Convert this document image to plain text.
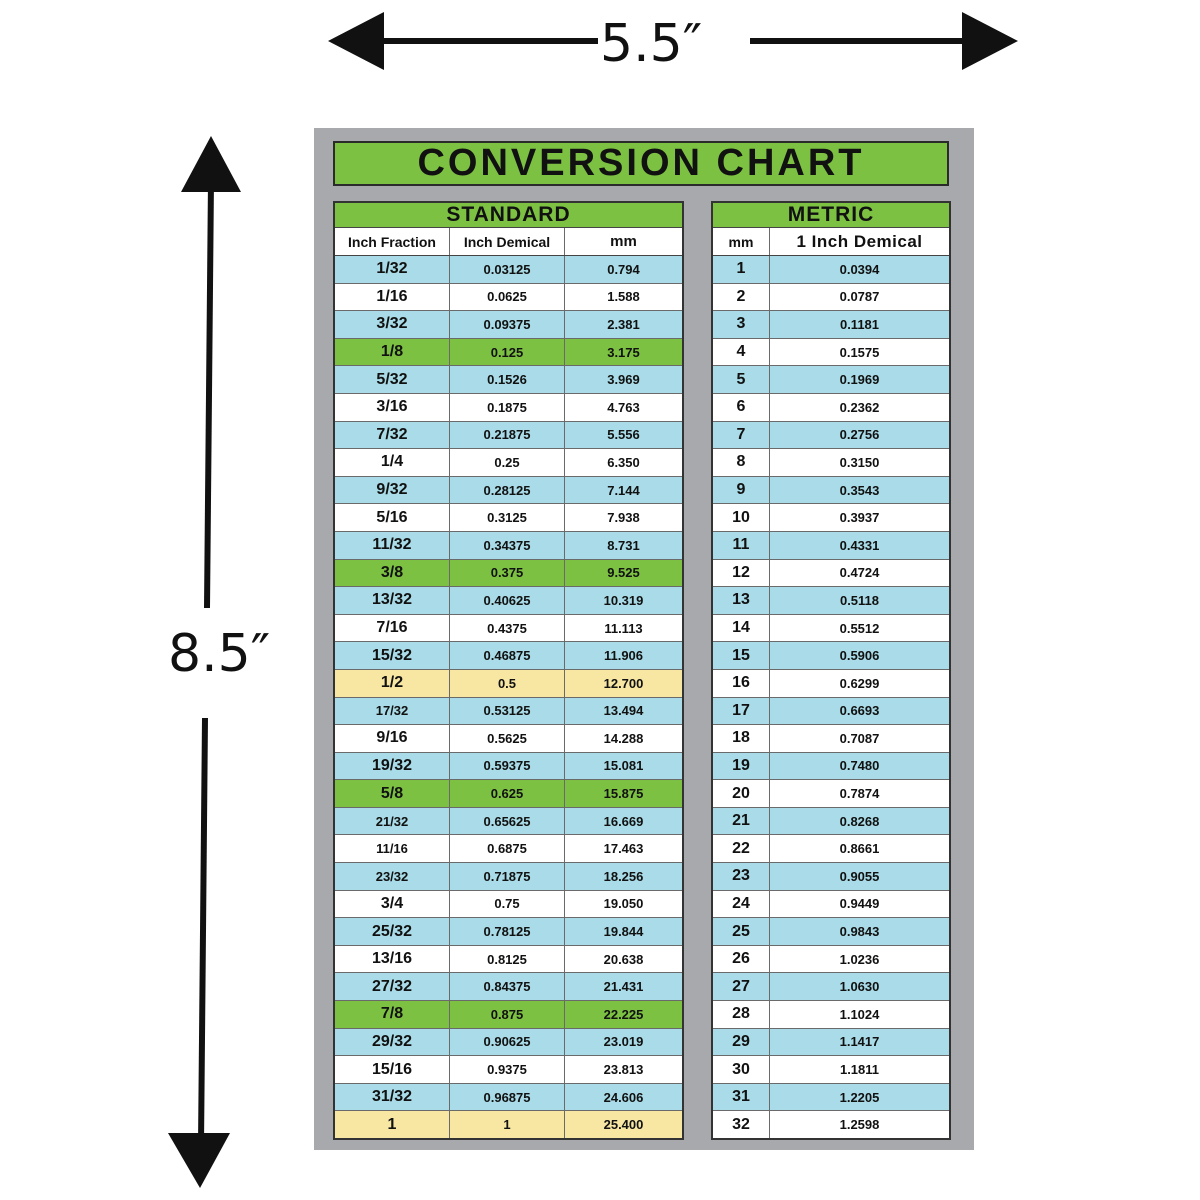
5.5″
8.5″
CONVERSION CHART
STANDARD
Inch Fraction	Inch Demical	mm
1/32	0.03125	0.794
1/16	0.0625	1.588
3/32	0.09375	2.381
1/8	0.125	3.175
5/32	0.1526	3.969
3/16	0.1875	4.763
7/32	0.21875	5.556
1/4	0.25	6.350
9/32	0.28125	7.144
5/16	0.3125	7.938
11/32	0.34375	8.731
3/8	0.375	9.525
13/32	0.40625	10.319
7/16	0.4375	11.113
15/32	0.46875	11.906
1/2	0.5	12.700
17/32	0.53125	13.494
9/16	0.5625	14.288
19/32	0.59375	15.081
5/8	0.625	15.875
21/32	0.65625	16.669
11/16	0.6875	17.463
23/32	0.71875	18.256
3/4	0.75	19.050
25/32	0.78125	19.844
13/16	0.8125	20.638
27/32	0.84375	21.431
7/8	0.875	22.225
29/32	0.90625	23.019
15/16	0.9375	23.813
31/32	0.96875	24.606
1	1	25.400
METRIC
mm	1 Inch Demical
1	0.0394
2	0.0787
3	0.1181
4	0.1575
5	0.1969
6	0.2362
7	0.2756
8	0.3150
9	0.3543
10	0.3937
11	0.4331
12	0.4724
13	0.5118
14	0.5512
15	0.5906
16	0.6299
17	0.6693
18	0.7087
19	0.7480
20	0.7874
21	0.8268
22	0.8661
23	0.9055
24	0.9449
25	0.9843
26	1.0236
27	1.0630
28	1.1024
29	1.1417
30	1.1811
31	1.2205
32	1.2598
